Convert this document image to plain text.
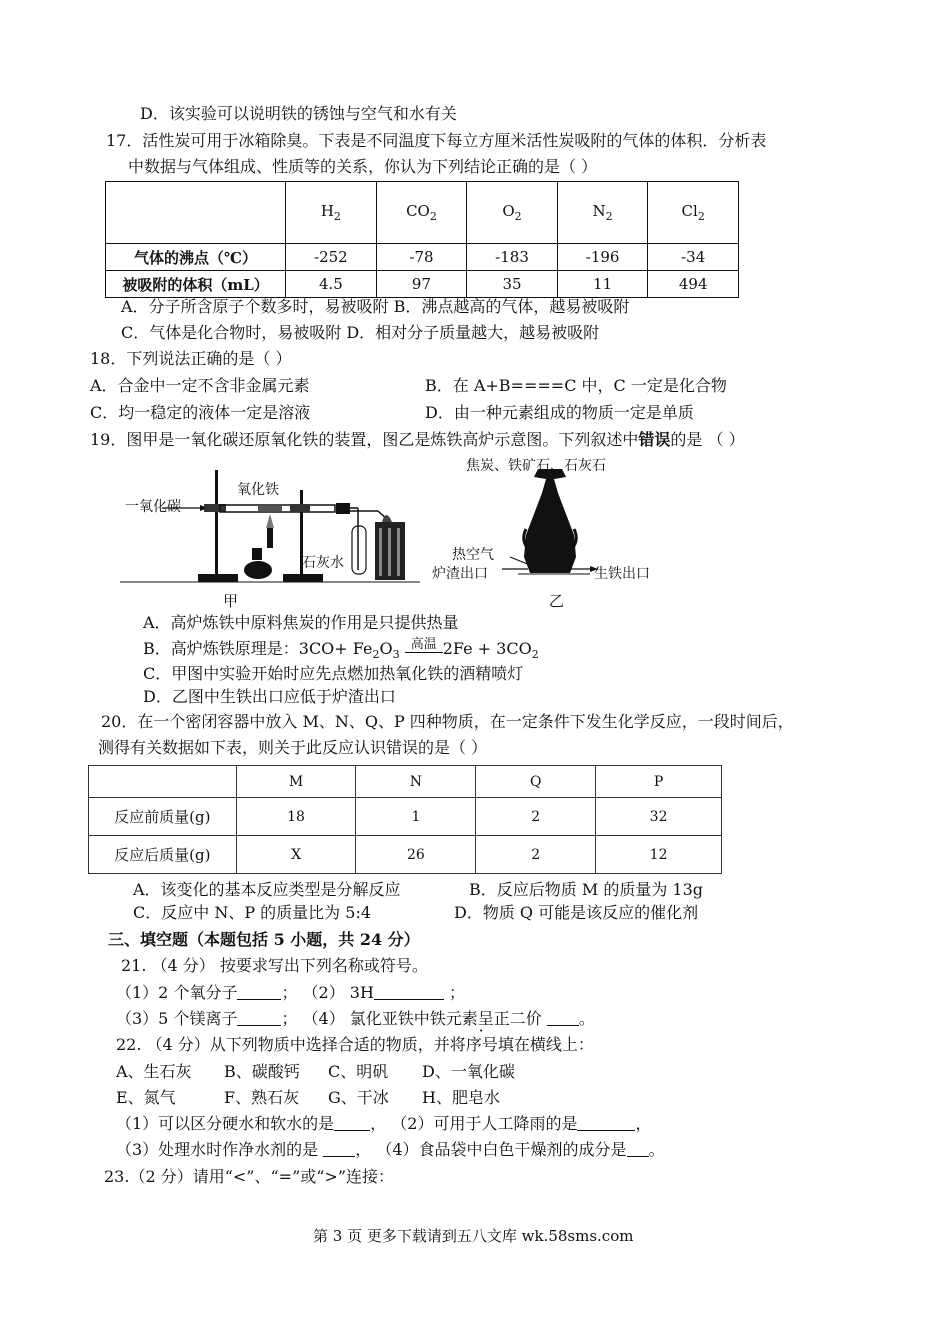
D．该实验可以说明铁的锈蚀与空气和水有关
17．活性炭可用于冰箱除臭。下表是不同温度下每立方厘米活性炭吸附的气体的体积．分析表
中数据与气体组成、性质等的关系，你认为下列结论正确的是（ ）
	$H_2$	$CO_2$	$O_2$	$N_2$	$Cl_2$
气体的沸点（℃）	-252	-78	-183	-196	-34
被吸附的体积（mL）	4.5	97	35	11	494
A．分子所含原子个数多时，易被吸附 B．沸点越高的气体，越易被吸附
C．气体是化合物时，易被吸附 D．相对分子质量越大，越易被吸附
18．下列说法正确的是（ ）
A．合金中一定不含非金属元素	B．在 A+B====C 中，C 一定是化合物
C．均一稳定的液体一定是溶液	D．由一种元素组成的物质一定是单质
19．图甲是一氧化碳还原氧化铁的装置，图乙是炼铁高炉示意图。下列叙述中错误的是 （ ）
一氧化碳
氧化铁
石灰水
甲
焦炭、铁矿石、石灰石
热空气
炉渣出口	生铁出口
乙
A．高炉炼铁中原料焦炭的作用是只提供热量
B．高炉炼铁原理是：$3CO+ Fe_2O_3$
高温 $2Fe + 3CO_2$
C．甲图中实验开始时应先点燃加热氧化铁的酒精喷灯
D．乙图中生铁出口应低于炉渣出口
20．在一个密闭容器中放入 M、N、Q、P 四种物质，在一定条件下发生化学反应，一段时间后，
测得有关数据如下表，则关于此反应认识错误的是（ ）
	M	N	Q	P
反应前质量(g)	18	1	2	32
反应后质量(g)	X	26	2	12
A．该变化的基本反应类型是分解反应	B．反应后物质 M 的质量为 13g
C．反应中 N、P 的质量比为 5:4	D．物质 Q 可能是该反应的催化剂
三、填空题（本题包括 5 小题，共 24 分）
21. （4 分） 按要求写出下列名称或符号。
（1）2 个氧分子	； （2） 3H	；
（3）5 个镁离子	； （4） 氯化亚铁中铁元素呈正二价 。
22. （4 分）从下列物质中选择合适的物质，并将序号填在横线上：
A、生石灰 B、碳酸钙 C、明矾 D、一氧化碳
E、氮气	F、熟石灰 G、干冰 H、肥皂水
（1）可以区分硬水和软水的是 ， （2）可用于人工降雨的是	，
（3）处理水时作净水剂的是 ， （4）食品袋中白色干燥剂的成分是 。
23.（2 分）请用“<”、“=”或“>”连接：
第 3 页 更多下载请到五八文库 wk.58sms.com
